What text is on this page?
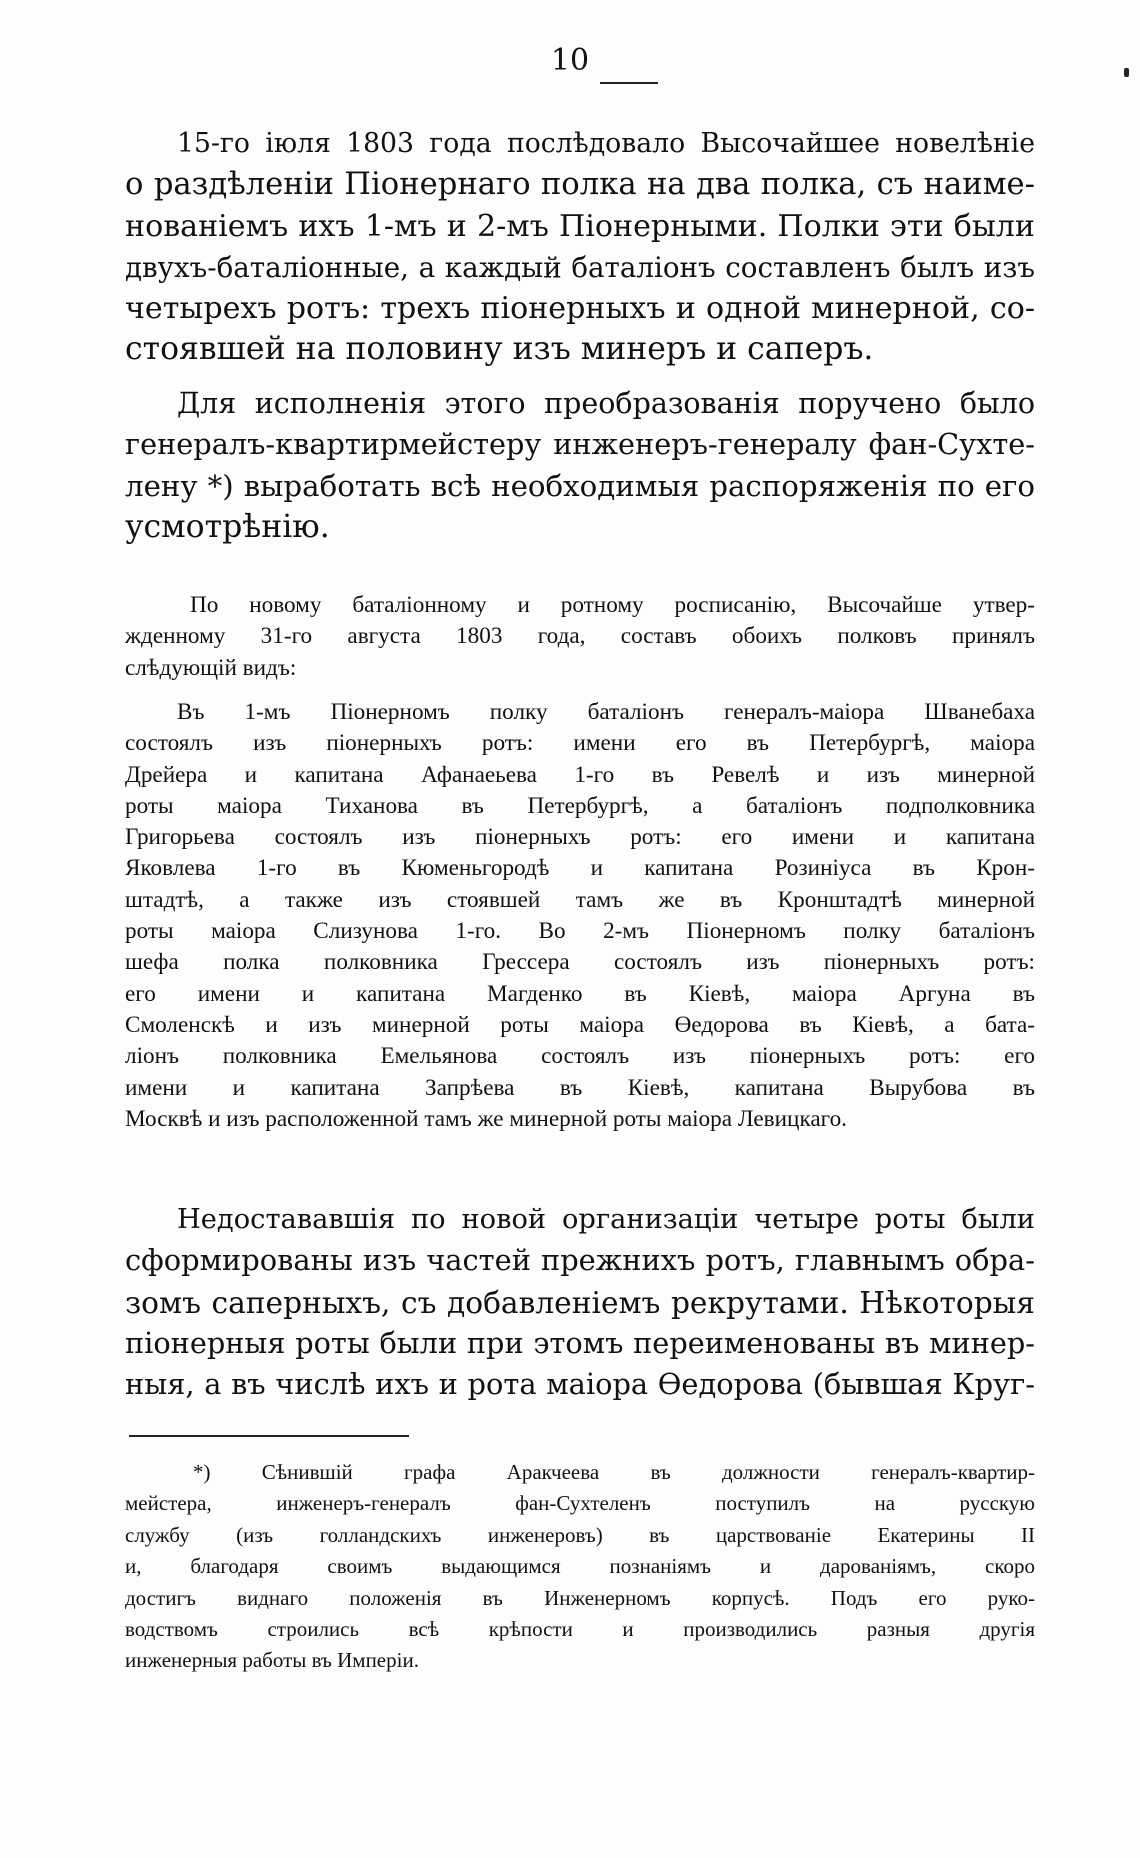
10
15-го іюля 1803 года послѣдовало Высочайшее новелѣніе
о раздѣленіи Піонернаго полка на два полка, съ наиме-
нованіемъ ихъ 1-мъ и 2-мъ Піонерными. Полки эти были
двухъ-баталіонные, а каждый баталіонъ составленъ былъ изъ
четырехъ ротъ: трехъ піонерныхъ и одной минерной, со-
стоявшей на половину изъ минеръ и саперъ.
Для исполненія этого преобразованія поручено было
генералъ-квартирмейстеру инженеръ-генералу фан-Сухте-
лену *) выработать всѣ необходимыя распоряженія по его
усмотрѣнію.
По новому баталіонному и ротному росписанію, Высочайше утвер-
жденному 31-го августа 1803 года, составъ обоихъ полковъ принялъ
слѣдующій видъ:
Въ 1-мъ Піонерномъ полку баталіонъ генералъ-маіора Шванебаха
состоялъ изъ піонерныхъ ротъ: имени его въ Петербургѣ, маіора
Дрейера и капитана Афанаеьева 1-го въ Ревелѣ и изъ минерной
роты маіора Тиханова въ Петербургѣ, а баталіонъ подполковника
Григорьева состоялъ изъ піонерныхъ ротъ: его имени и капитана
Яковлева 1-го въ Кюменьгородѣ и капитана Розиніуса въ Крон-
штадтѣ, а также изъ стоявшей тамъ же въ Кронштадтѣ минерной
роты маіора Слизунова 1-го. Во 2-мъ Піонерномъ полку баталіонъ
шефа полка полковника Грессера состоялъ изъ піонерныхъ ротъ:
его имени и капитана Магденко въ Кіевѣ, маіора Аргуна въ
Смоленскѣ и изъ минерной роты маіора Өедорова въ Кіевѣ, а бата-
ліонъ полковника Емельянова состоялъ изъ піонерныхъ ротъ: его
имени и капитана Запрѣева въ Кіевѣ, капитана Вырубова въ
Москвѣ и изъ расположенной тамъ же минерной роты маіора Левицкаго.
Недостававшія по новой организаціи четыре роты были
сформированы изъ частей прежнихъ ротъ, главнымъ обра-
зомъ саперныхъ, съ добавленіемъ рекрутами. Нѣкоторыя
піонерныя роты были при этомъ переименованы въ минер-
ныя, а въ числѣ ихъ и рота маіора Өедорова (бывшая Круг-
*) Сѣнившій графа Аракчеева въ должности генералъ-квартир-
мейстера, инженеръ-генералъ фан-Сухтеленъ поступилъ на русскую
службу (изъ голландскихъ инженеровъ) въ царствованіе Екатерины II
и, благодаря своимъ выдающимся познаніямъ и дарованіямъ, скоро
достигъ виднаго положенія въ Инженерномъ корпусѣ. Подъ его руко-
водствомъ строились всѣ крѣпости и производились разныя другія
инженерныя работы въ Имперіи.
